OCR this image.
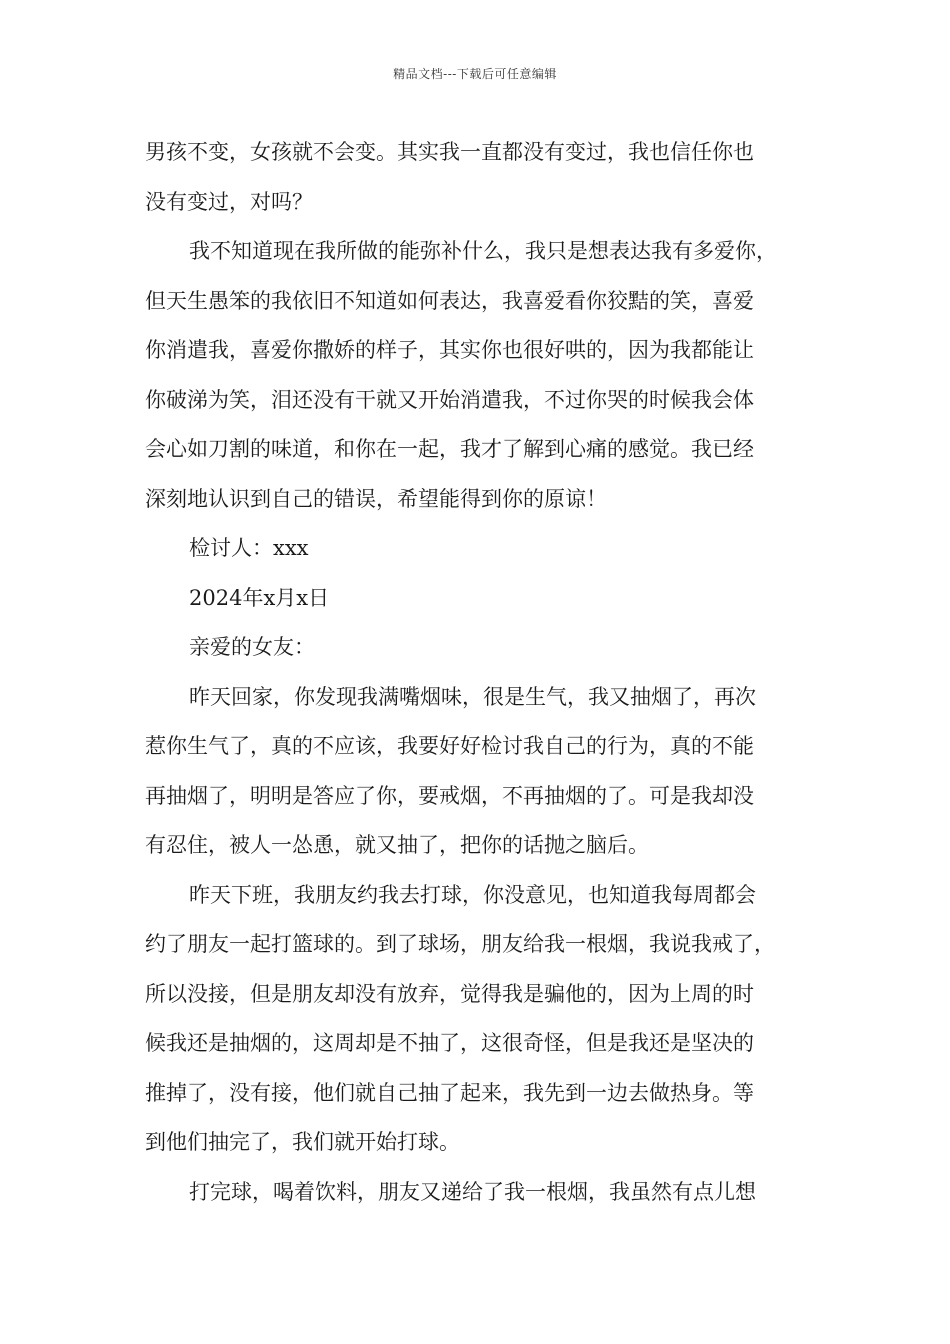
精品文档---下载后可任意编辑
男孩不变，女孩就不会变。其实我一直都没有变过，我也信任你也
没有变过，对吗？
我不知道现在我所做的能弥补什么，我只是想表达我有多爱你，
但天生愚笨的我依旧不知道如何表达，我喜爱看你狡黠的笑，喜爱
你消遣我，喜爱你撒娇的样子，其实你也很好哄的，因为我都能让
你破涕为笑，泪还没有干就又开始消遣我，不过你哭的时候我会体
会心如刀割的味道，和你在一起，我才了解到心痛的感觉。我已经
深刻地认识到自己的错误，希望能得到你的原谅！
检讨人：xxx
2024年x月x日
亲爱的女友：
昨天回家，你发现我满嘴烟味，很是生气，我又抽烟了，再次
惹你生气了，真的不应该，我要好好检讨我自己的行为，真的不能
再抽烟了，明明是答应了你，要戒烟，不再抽烟的了。可是我却没
有忍住，被人一怂恿，就又抽了，把你的话抛之脑后。
昨天下班，我朋友约我去打球，你没意见，也知道我每周都会
约了朋友一起打篮球的。到了球场，朋友给我一根烟，我说我戒了，
所以没接，但是朋友却没有放弃，觉得我是骗他的，因为上周的时
候我还是抽烟的，这周却是不抽了，这很奇怪，但是我还是坚决的
推掉了，没有接，他们就自己抽了起来，我先到一边去做热身。等
到他们抽完了，我们就开始打球。
打完球，喝着饮料，朋友又递给了我一根烟，我虽然有点儿想
